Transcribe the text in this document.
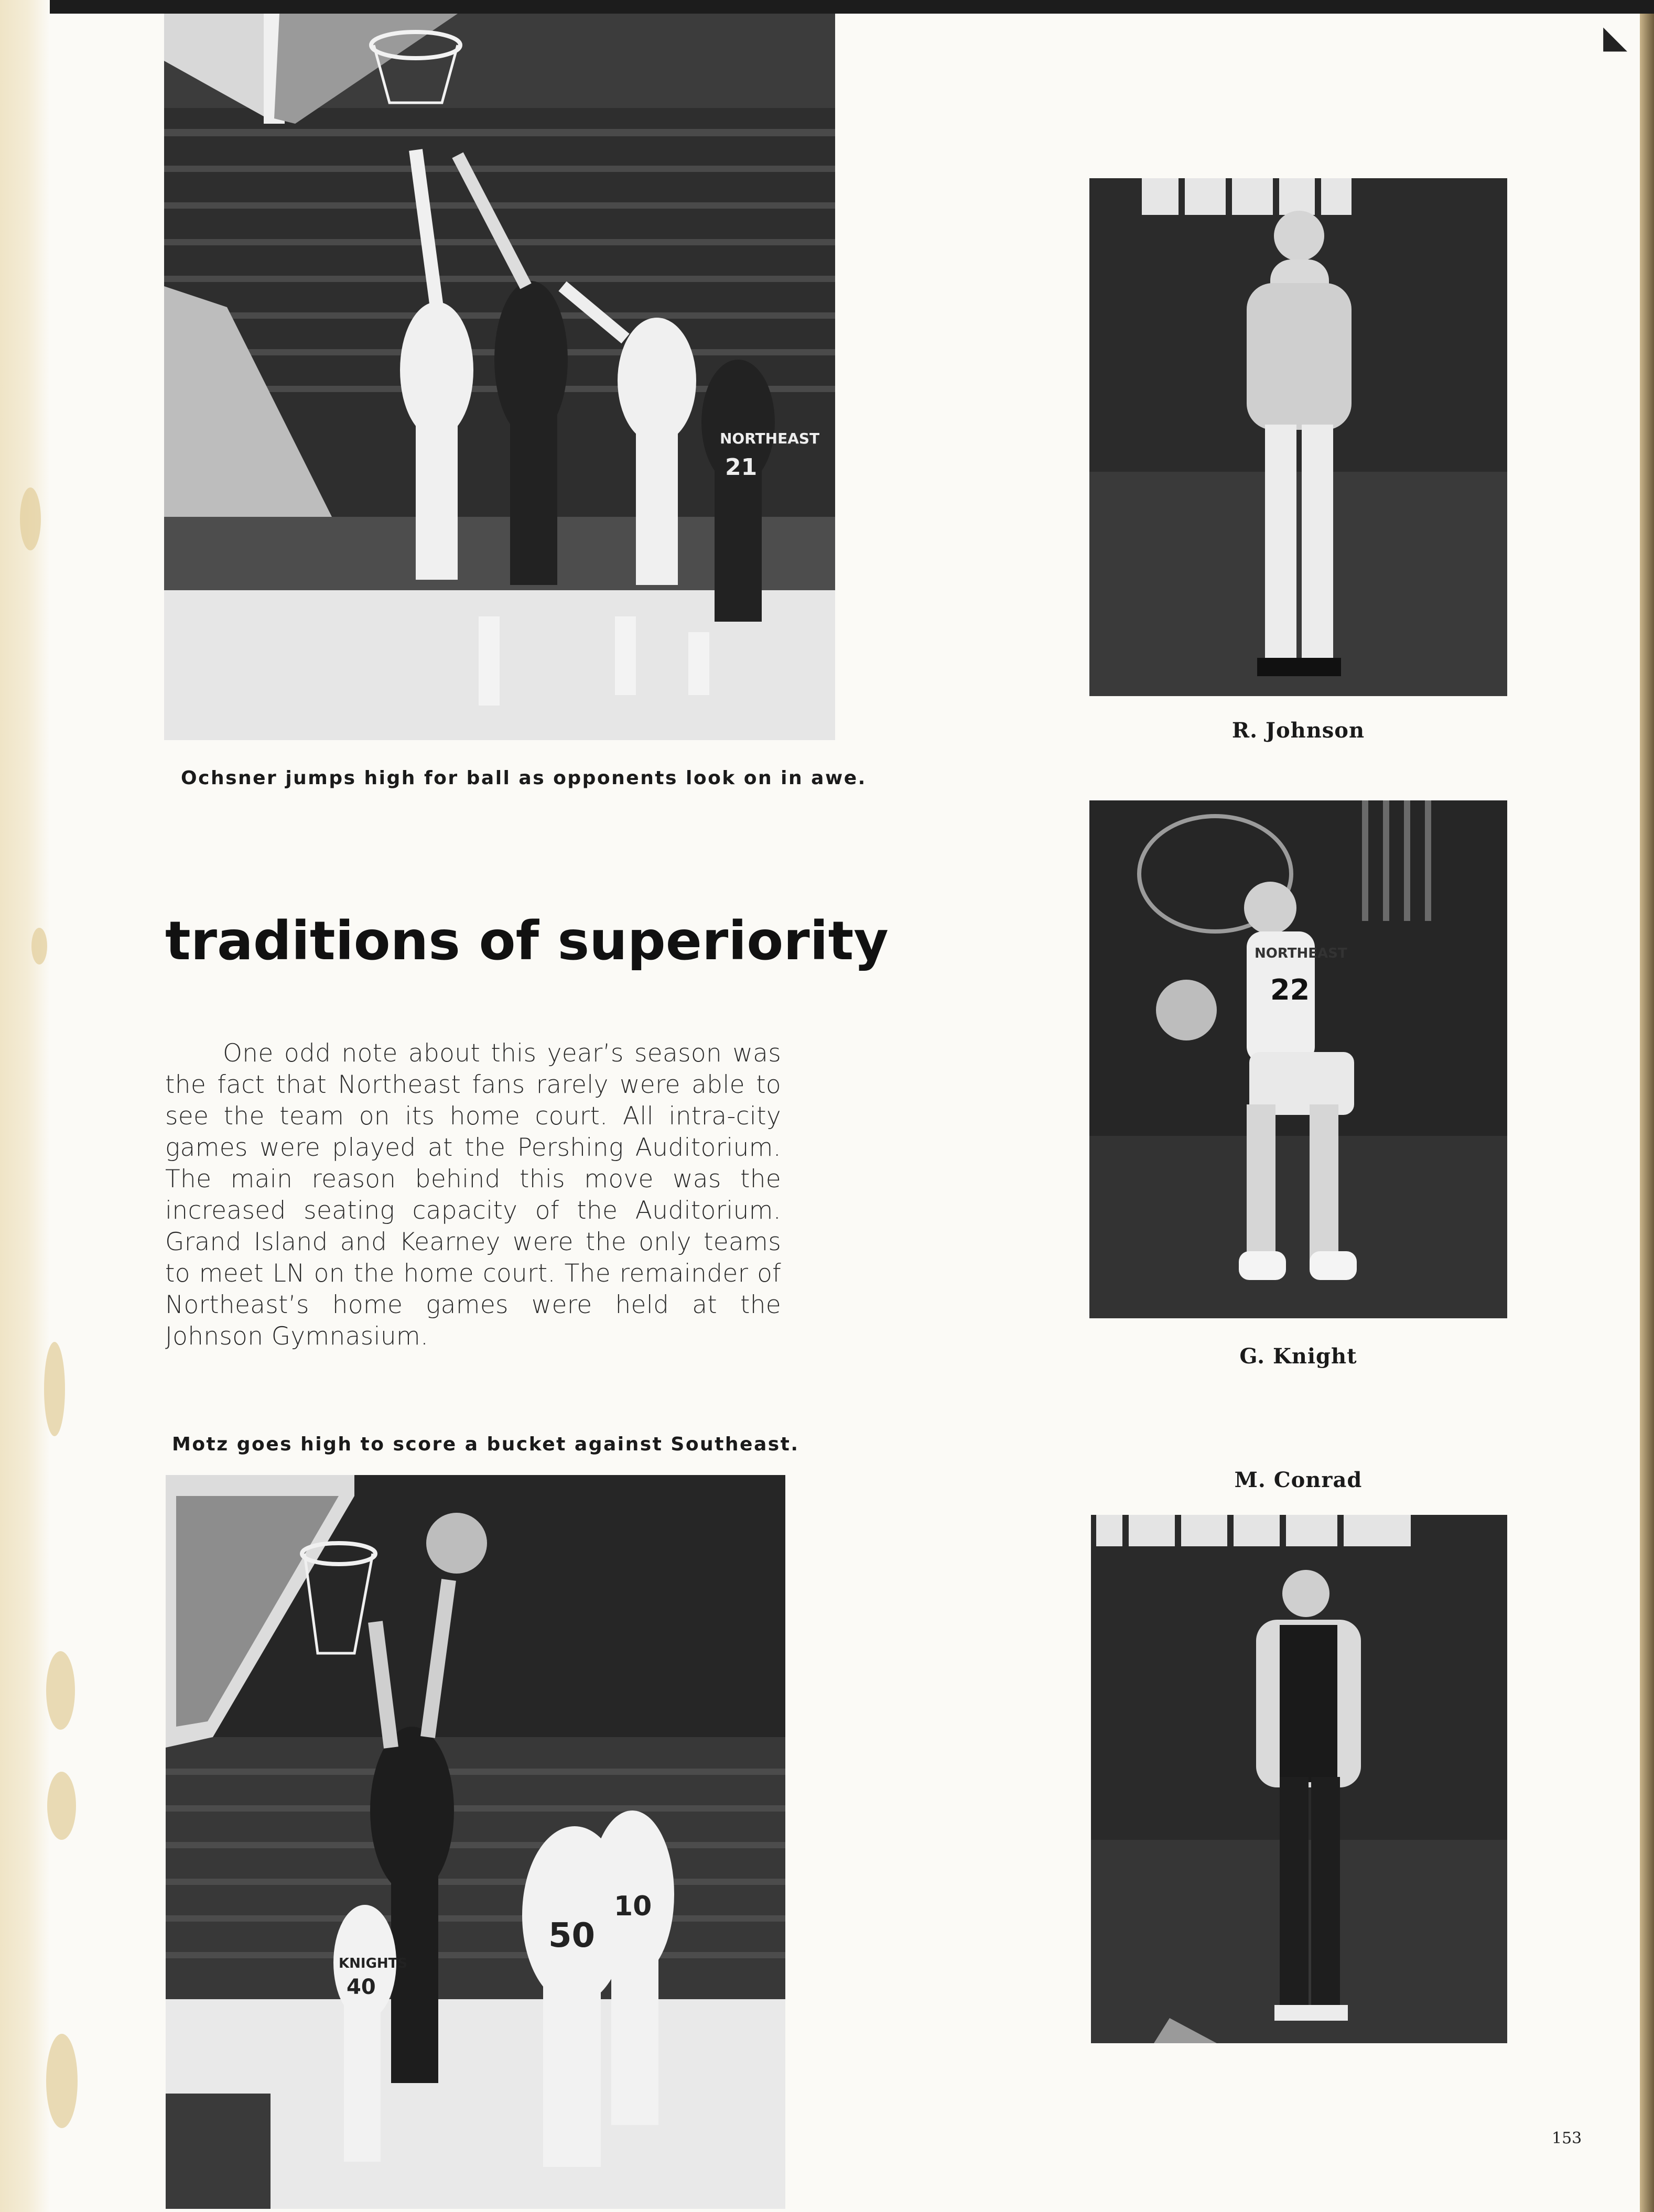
◣
NORTHEAST
21
Ochsner jumps high for ball as opponents look on in awe.
traditions of superiority
One odd note about this year’s season was the fact that Northeast fans rarely were able to see the team on its home court. All intra-city games were played at the Pershing Auditorium. The main reason behind this move was the increased seating capacity of the Auditorium. Grand Island and Kearney were the only teams to meet LN on the home court. The remainder of Northeast’s home games were held at the Johnson Gymnasium.
Motz goes high to score a bucket against Southeast.
50
10
40
KNIGHTS
R. Johnson
NORTHEAST
22
G. Knight
M. Conrad
153
